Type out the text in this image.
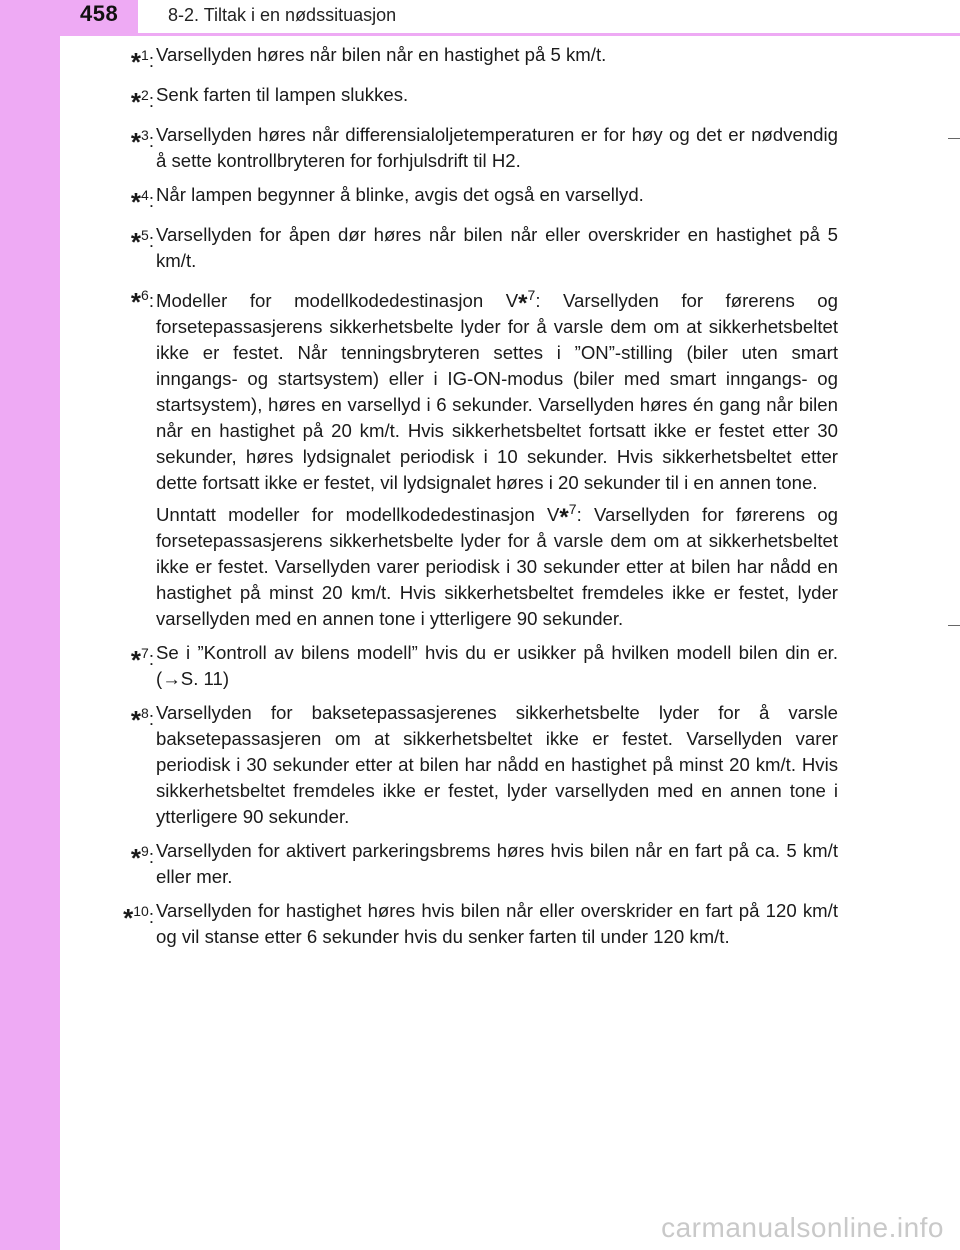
458	8-2. Tiltak i en nødssituasjon
*$^1$: Varsellyden høres når bilen når en hastighet på 5 km/t.

*$^2$: Senk farten til lampen slukkes.

*$^3$: Varsellyden høres når differensialoljetemperaturen er for høy og det er nødvendig å sette kontrollbryteren for forhjulsdrift til H2.

*$^4$: Når lampen begynner å blinke, avgis det også en varsellyd.

*$^5$: Varsellyden for åpen dør høres når bilen når eller overskrider en hastighet på 5 km/t.

*$^6$: Modeller for modellkodedestinasjon V*$^7$: Varsellyden for førerens og forsetepassasjerens sikkerhetsbelte lyder for å varsle dem om at sikkerhetsbeltet ikke er festet. Når tenningsbryteren settes i ”ON”-stilling (biler uten smart inngangs- og startsystem) eller i IG-ON-modus (biler med smart inngangs- og startsystem), høres en varsellyd i 6 sekunder. Varsellyden høres én gang når bilen når en hastighet på 20 km/t. Hvis sikkerhetsbeltet fortsatt ikke er festet etter 30 sekunder, høres lydsignalet periodisk i 10 sekunder. Hvis sikkerhetsbeltet etter dette fortsatt ikke er festet, vil lydsignalet høres i 20 sekunder til i en annen tone.

Unntatt modeller for modellkodedestinasjon V*$^7$: Varsellyden for førerens og forsetepassasjerens sikkerhetsbelte lyder for å varsle dem om at sikkerhetsbeltet ikke er festet. Varsellyden varer periodisk i 30 sekunder etter at bilen har nådd en hastighet på minst 20 km/t. Hvis sikkerhetsbeltet fremdeles ikke er festet, lyder varsellyden med en annen tone i ytterligere 90 sekunder.

*$^7$: Se i ”Kontroll av bilens modell” hvis du er usikker på hvilken modell bilen din er. (→S. 11)

*$^8$: Varsellyden for baksetepassasjerenes sikkerhetsbelte lyder for å varsle baksetepassasjeren om at sikkerhetsbeltet ikke er festet. Varsellyden varer periodisk i 30 sekunder etter at bilen har nådd en hastighet på minst 20 km/t. Hvis sikkerhetsbeltet fremdeles ikke er festet, lyder varsellyden med en annen tone i ytterligere 90 sekunder.

*$^9$: Varsellyden for aktivert parkeringsbrems høres hvis bilen når en fart på ca. 5 km/t eller mer.

*$^{10}$: Varsellyden for hastighet høres hvis bilen når eller overskrider en fart på 120 km/t og vil stanse etter 6 sekunder hvis du senker farten til under 120 km/t.

carmanualsonline.info
